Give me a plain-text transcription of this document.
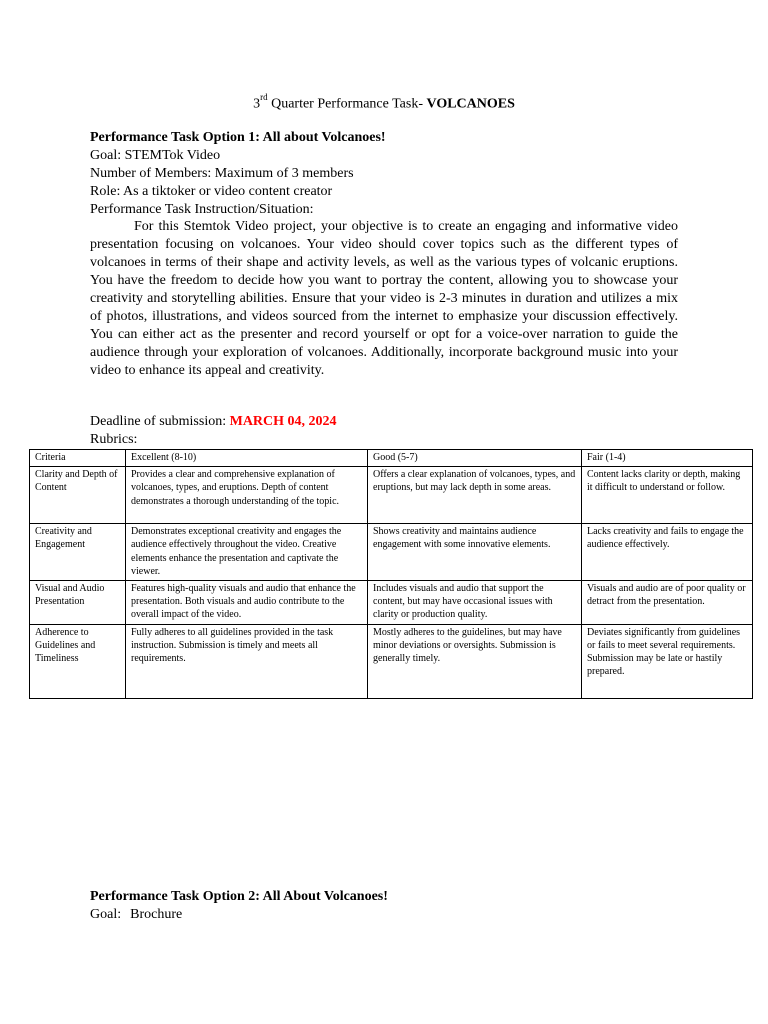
3rd Quarter Performance Task- VOLCANOES
Performance Task Option 1: All about Volcanoes!
Goal: STEMTok Video
Number of Members: Maximum of 3 members
Role: As a tiktoker or video content creator
Performance Task Instruction/Situation:
For this Stemtok Video project, your objective is to create an engaging and informative video presentation focusing on volcanoes. Your video should cover topics such as the different types of volcanoes in terms of their shape and activity levels, as well as the various types of volcanic eruptions. You have the freedom to decide how you want to portray the content, allowing you to showcase your creativity and storytelling abilities. Ensure that your video is 2-3 minutes in duration and utilizes a mix of photos, illustrations, and videos sourced from the internet to emphasize your discussion effectively. You can either act as the presenter and record yourself or opt for a voice-over narration to guide the audience through your exploration of volcanoes. Additionally, incorporate background music into your video to enhance its appeal and creativity.
Deadline of submission: MARCH 04, 2024
Rubrics:
Criteria	Excellent (8-10)	Good (5-7)	Fair (1-4)
Clarity and Depth of Content	Provides a clear and comprehensive explanation of volcanoes, types, and eruptions. Depth of content demonstrates a thorough understanding of the topic.	Offers a clear explanation of volcanoes, types, and eruptions, but may lack depth in some areas.	Content lacks clarity or depth, making it difficult to understand or follow.
Creativity and Engagement	Demonstrates exceptional creativity and engages the audience effectively throughout the video. Creative elements enhance the presentation and captivate the viewer.	Shows creativity and maintains audience engagement with some innovative elements.	Lacks creativity and fails to engage the audience effectively.
Visual and Audio Presentation	Features high-quality visuals and audio that enhance the presentation. Both visuals and audio contribute to the overall impact of the video.	Includes visuals and audio that support the content, but may have occasional issues with clarity or production quality.	Visuals and audio are of poor quality or detract from the presentation.
Adherence to Guidelines and Timeliness	Fully adheres to all guidelines provided in the task instruction. Submission is timely and meets all requirements.	Mostly adheres to the guidelines, but may have minor deviations or oversights. Submission is generally timely.	Deviates significantly from guidelines or fails to meet several requirements. Submission may be late or hastily prepared.
Performance Task Option 2: All About Volcanoes!
Goal: Brochure
